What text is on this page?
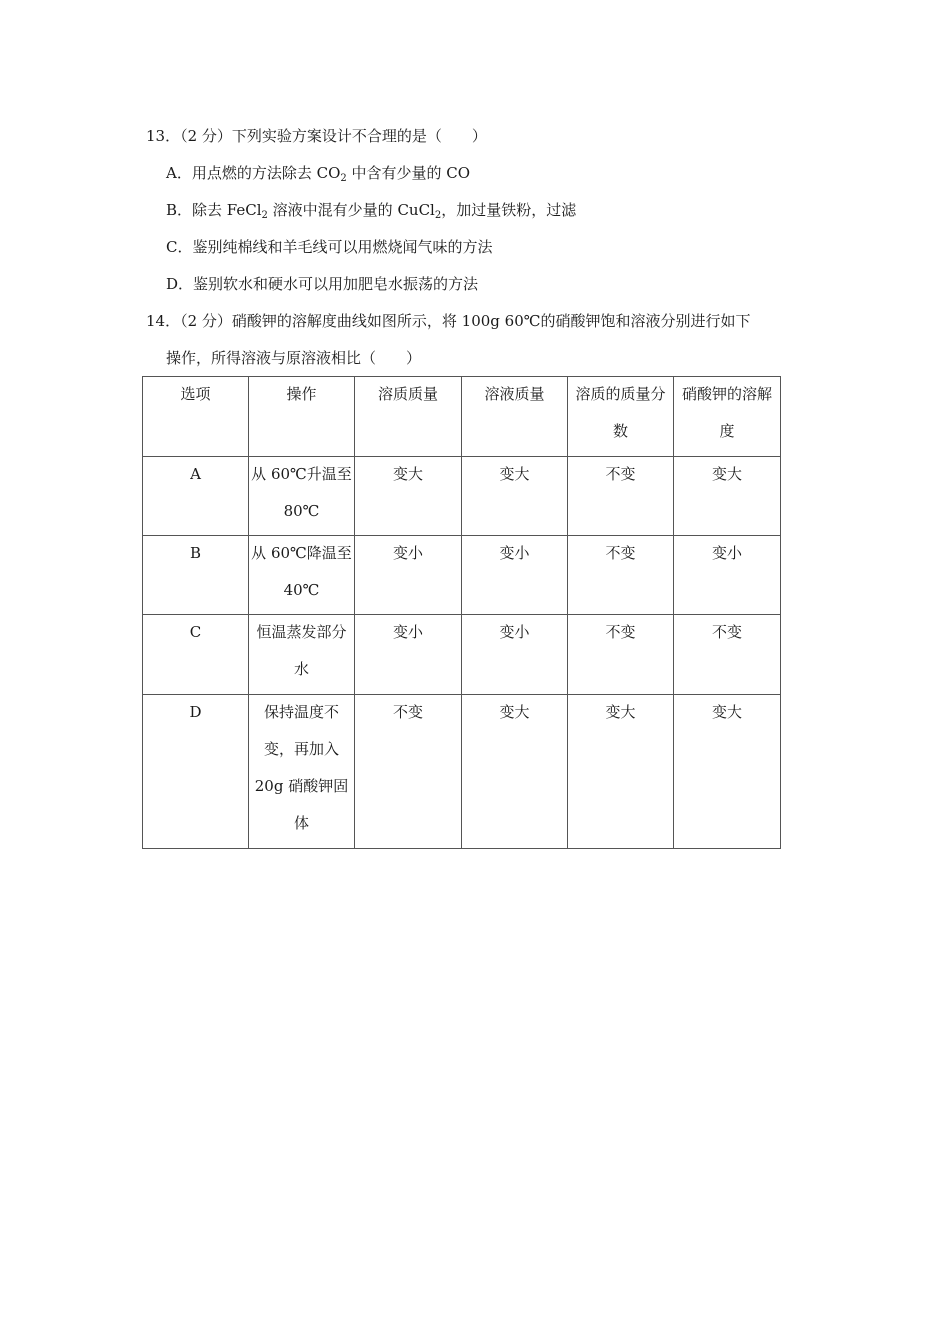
13．（2 分）下列实验方案设计不合理的是（　　）
A．用点燃的方法除去 $CO_2$ 中含有少量的 CO
B．除去 FeCl$_2$ 溶液中混有少量的 CuCl$_2$，加过量铁粉，过滤
C．鉴别纯棉线和羊毛线可以用燃烧闻气味的方法
D．鉴别软水和硬水可以用加肥皂水振荡的方法
14．（2 分）硝酸钾的溶解度曲线如图所示，将 100g 60℃的硝酸钾饱和溶液分别进行如下
操作，所得溶液与原溶液相比（　　）
选项	操作	溶质质量	溶液质量	溶质的质量分数	硝酸钾的溶解度

A	从 60℃升温至 80℃	变大	变大	不变	变大

B	从 60℃降温至 40℃	变小	变小	不变	变小

C	恒温蒸发部分水	变小	变小	不变	不变

D	保持温度不变，再加入 20g 硝酸钾固体	不变	变大	变大	变大
